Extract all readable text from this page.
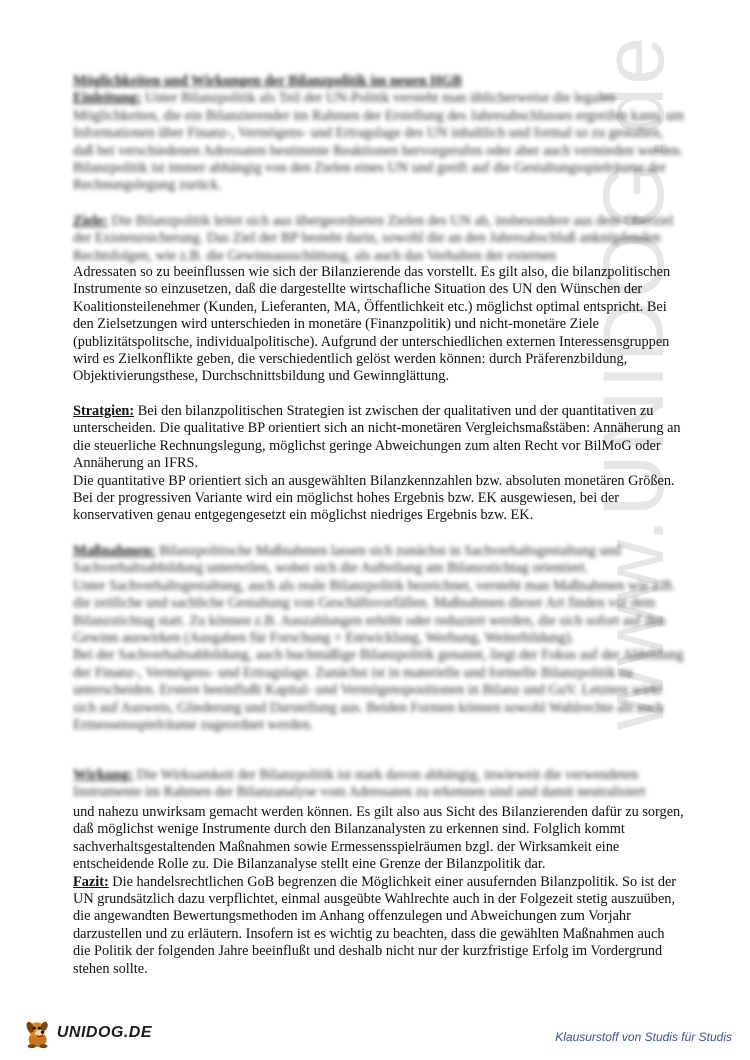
www.UNIDOG.de

Möglichkeiten und Wirkungen der Bilanzpolitik im neuen HGB

Einleitung: Unter Bilanzpolitik als Teil der UN-Politik versteht man üblicherweise die legalen Möglichkeiten, die ein Bilanzierender im Rahmen der Erstellung des Jahresabschlusses ergreifen kann, um Informationen über Finanz-, Vermögens- und Ertragslage des UN inhaltlich und formal so zu gestalten, daß bei verschiedenen Adressaten bestimmte Reaktionen hervorgerufen oder aber auch vermieden werden. Bilanzpolitik ist immer abhängig von den Zielen eines UN und greift auf die Gestaltungsspielräume der Rechnungslegung zurück.

Ziele: Die Bilanzpolitik leitet sich aus übergeordneten Zielen des UN ab, insbesondere aus dem Oberziel der Existenzsicherung. Das Ziel der BP besteht darin, sowohl die an den Jahresabschluß anknüpfenden Rechtsfolgen, wie z.B. die Gewinnausschüttung, als auch das Verhalten der externen

Adressaten so zu beeinflussen wie sich der Bilanzierende das vorstellt. Es gilt also, die bilanzpolitischen Instrumente so einzusetzen, daß die dargestellte wirtschafliche Situation des UN den Wünschen der Koalitionsteilenehmer (Kunden, Lieferanten, MA, Öffentlichkeit etc.) möglichst optimal entspricht. Bei den Zielsetzungen wird unterschieden in monetäre (Finanzpolitik) und nicht-monetäre Ziele (publizitätspolitsche, individualpolitische). Aufgrund der unterschiedlichen externen Interessensgruppen wird es Zielkonflikte geben, die verschiedentlich gelöst werden können: durch Präferenzbildung, Objektivierungsthese, Durchschnittsbildung und Gewinnglättung.

Stratgien: Bei den bilanzpolitischen Strategien ist zwischen der qualitativen und der quantitativen zu unterscheiden. Die qualitative BP orientiert sich an nicht-monetären Vergleichsmaßstäben: Annäherung an die steuerliche Rechnungslegung, möglichst geringe Abweichungen zum alten Recht vor BilMoG oder Annäherung an IFRS.

Die quantitative BP orientiert sich an ausgewählten Bilanzkennzahlen bzw. absoluten monetären Größen. Bei der progressiven Variante wird ein möglichst hohes Ergebnis bzw. EK ausgewiesen, bei der konservativen genau entgegengesetzt ein möglichst niedriges Ergebnis bzw. EK.

Maßnahmen: Bilanzpolitische Maßnahmen lassen sich zunächst in Sachverhaltsgestaltung und Sachverhaltsabbildung unterteilen, wobei sich die Aufteilung am Bilanzstichtag orientiert.

Unter Sachverhaltsgestaltung, auch als reale Bilanzpolitik bezeichnet, versteht man Maßnahmen wie z.B. die zeitliche und sachliche Gestaltung von Geschäftsvorfällen. Maßnahmen dieser Art finden vor dem Bilanzstichtag statt. Zu können z.B. Auszahlungen erhöht oder reduziert werden, die sich sofort auf den Gewinn auswirken (Ausgaben für Forschung + Entwicklung, Werbung, Weiterbildung).

Bei der Sachverhaltsabbildung, auch buchmäßige Bilanzpolitik genannt, liegt der Fokus auf der Abbildung der Finanz-, Vermögens- und Ertragslage. Zunächst ist in materielle und formelle Bilanzpolitik zu unterscheiden. Erstere beeinflußt Kapital- und Vermögenspositionen in Bilanz und GuV. Letztere wirkt sich auf Ausweis, Gliederung und Darstellung aus. Beiden Formen können sowohl Wahlrechte als auch Ermessensspielräume zugeordnet werden.

Wirkung: Die Wirksamkeit der Bilanzpolitik ist stark davon abhängig, inwieweit die verwendeten Instrumente im Rahmen der Bilanzanalyse vom Adressaten zu erkennen sind und damit neutralisiert

und nahezu unwirksam gemacht werden können. Es gilt also aus Sicht des Bilanzierenden dafür zu sorgen, daß möglichst wenige Instrumente durch den Bilanzanalysten zu erkennen sind. Folglich kommt sachverhaltsgestaltenden Maßnahmen sowie Ermessensspielräumen bzgl. der Wirksamkeit eine entscheidende Rolle zu. Die Bilanzanalyse stellt eine Grenze der Bilanzpolitik dar.

Fazit: Die handelsrechtlichen GoB begrenzen die Möglichkeit einer ausufernden Bilanzpolitik. So ist der UN grundsätzlich dazu verpflichtet, einmal ausgeübte Wahlrechte auch in der Folgezeit stetig auszuüben, die angewandten Bewertungsmethoden im Anhang offenzulegen und Abweichungen zum Vorjahr darzustellen und zu erläutern. Insofern ist es wichtig zu beachten, dass die gewählten Maßnahmen auch die Politik der folgenden Jahre beeinflußt und deshalb nicht nur der kurzfristige Erfolg im Vordergrund stehen sollte.

UNIDOG.DE	Klausurstoff von Studis für Studis
